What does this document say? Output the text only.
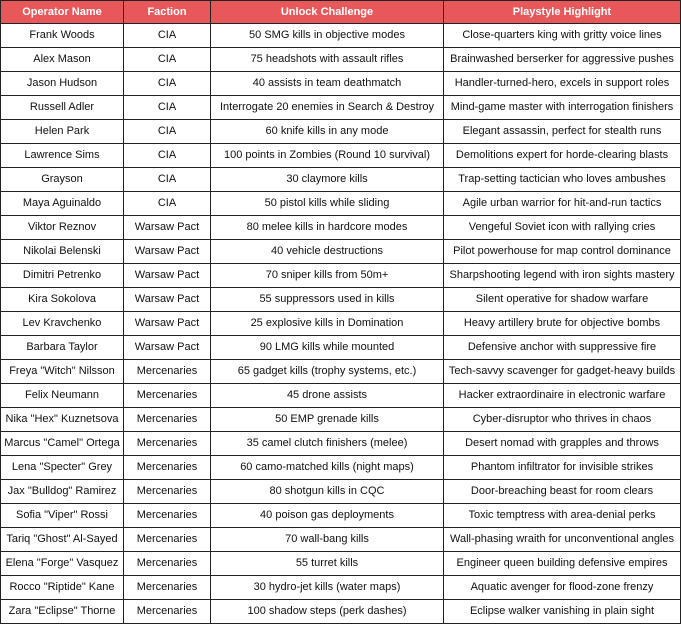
Operator Name	Faction	Unlock Challenge	Playstyle Highlight
Frank Woods	CIA	50 SMG kills in objective modes	Close-quarters king with gritty voice lines
Alex Mason	CIA	75 headshots with assault rifles	Brainwashed berserker for aggressive pushes
Jason Hudson	CIA	40 assists in team deathmatch	Handler-turned-hero, excels in support roles
Russell Adler	CIA	Interrogate 20 enemies in Search & Destroy	Mind-game master with interrogation finishers
Helen Park	CIA	60 knife kills in any mode	Elegant assassin, perfect for stealth runs
Lawrence Sims	CIA	100 points in Zombies (Round 10 survival)	Demolitions expert for horde-clearing blasts
Grayson	CIA	30 claymore kills	Trap-setting tactician who loves ambushes
Maya Aguinaldo	CIA	50 pistol kills while sliding	Agile urban warrior for hit-and-run tactics
Viktor Reznov	Warsaw Pact	80 melee kills in hardcore modes	Vengeful Soviet icon with rallying cries
Nikolai Belenski	Warsaw Pact	40 vehicle destructions	Pilot powerhouse for map control dominance
Dimitri Petrenko	Warsaw Pact	70 sniper kills from 50m+	Sharpshooting legend with iron sights mastery
Kira Sokolova	Warsaw Pact	55 suppressors used in kills	Silent operative for shadow warfare
Lev Kravchenko	Warsaw Pact	25 explosive kills in Domination	Heavy artillery brute for objective bombs
Barbara Taylor	Warsaw Pact	90 LMG kills while mounted	Defensive anchor with suppressive fire
Freya "Witch" Nilsson	Mercenaries	65 gadget kills (trophy systems, etc.)	Tech-savvy scavenger for gadget-heavy builds
Felix Neumann	Mercenaries	45 drone assists	Hacker extraordinaire in electronic warfare
Nika "Hex" Kuznetsova	Mercenaries	50 EMP grenade kills	Cyber-disruptor who thrives in chaos
Marcus "Camel" Ortega	Mercenaries	35 camel clutch finishers (melee)	Desert nomad with grapples and throws
Lena "Specter" Grey	Mercenaries	60 camo-matched kills (night maps)	Phantom infiltrator for invisible strikes
Jax "Bulldog" Ramirez	Mercenaries	80 shotgun kills in CQC	Door-breaching beast for room clears
Sofia "Viper" Rossi	Mercenaries	40 poison gas deployments	Toxic temptress with area-denial perks
Tariq "Ghost" Al-Sayed	Mercenaries	70 wall-bang kills	Wall-phasing wraith for unconventional angles
Elena "Forge" Vasquez	Mercenaries	55 turret kills	Engineer queen building defensive empires
Rocco "Riptide" Kane	Mercenaries	30 hydro-jet kills (water maps)	Aquatic avenger for flood-zone frenzy
Zara "Eclipse" Thorne	Mercenaries	100 shadow steps (perk dashes)	Eclipse walker vanishing in plain sight
